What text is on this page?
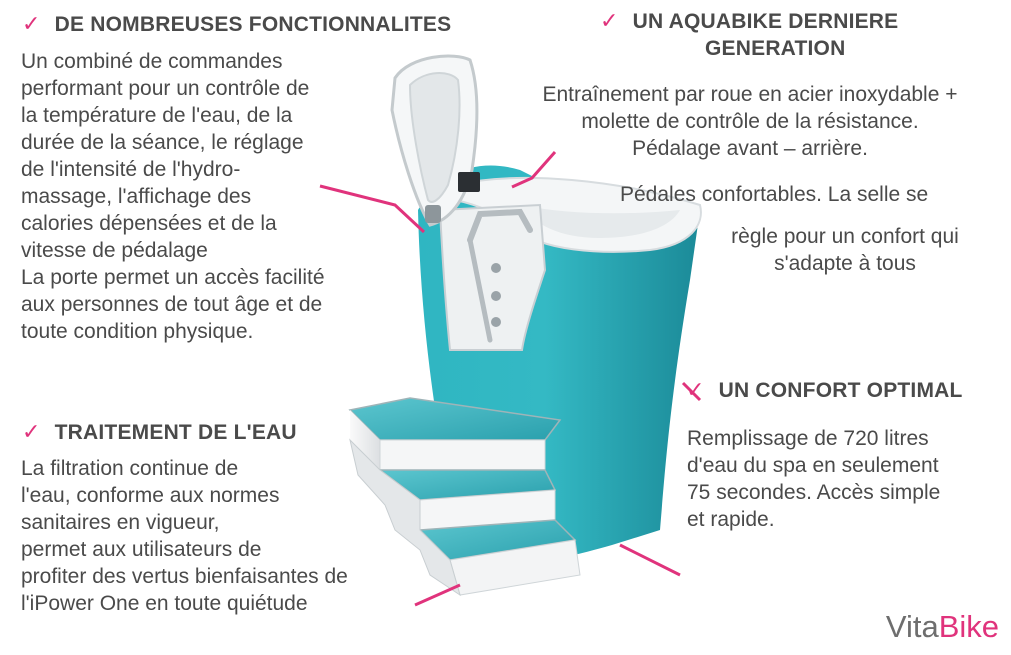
✓ DE NOMBREUSES FONCTIONNALITES
Un combiné de commandes
performant pour un contrôle de
la température de l'eau, de la
durée de la séance, le réglage
de l'intensité de l'hydro-
massage, l'affichage des
calories dépensées et de la
vitesse de pédalage
La porte permet un accès facilité
aux personnes de tout âge et de
toute condition physique.
✓ UN AQUABIKE DERNIERE
GENERATION
Entraînement par roue en acier inoxydable +
molette de contrôle de la résistance.
Pédalage avant – arrière.
Pédales confortables. La selle se
règle pour un confort qui
s'adapte à tous
✓ TRAITEMENT DE L'EAU
La filtration continue de
l'eau, conforme aux normes
sanitaires en vigueur,
permet aux utilisateurs de
profiter des vertus bienfaisantes de
l'iPower One en toute quiétude
✓ UN CONFORT OPTIMAL
Remplissage de 720 litres
d'eau du spa en seulement
75 secondes. Accès simple
et rapide.
VitaBike
